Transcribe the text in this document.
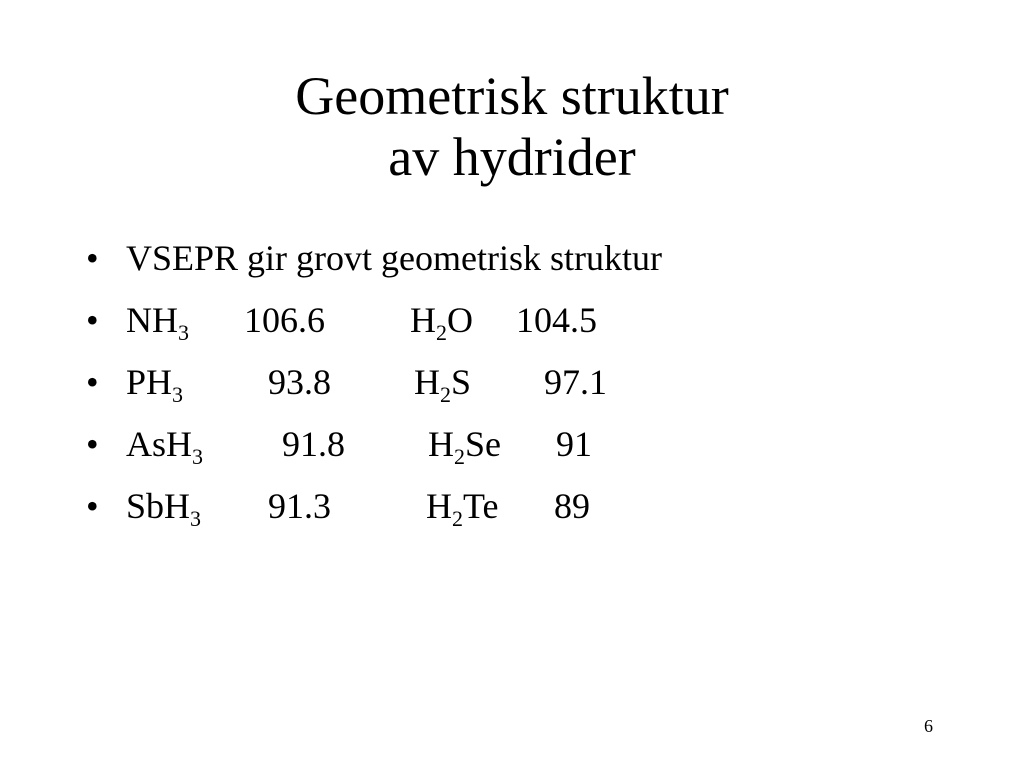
Geometrisk struktur
av hydrider
• VSEPR gir grovt geometrisk struktur
• $NH_3$ 106.6 $H_2O$ 104.5
• $PH_3$ 93.8 $H_2S$ 97.1
• AsH$_3$ 91.8 $H_2Se$ 91
• SbH$_3$ 91.3	$H_2Te$ 89
6
